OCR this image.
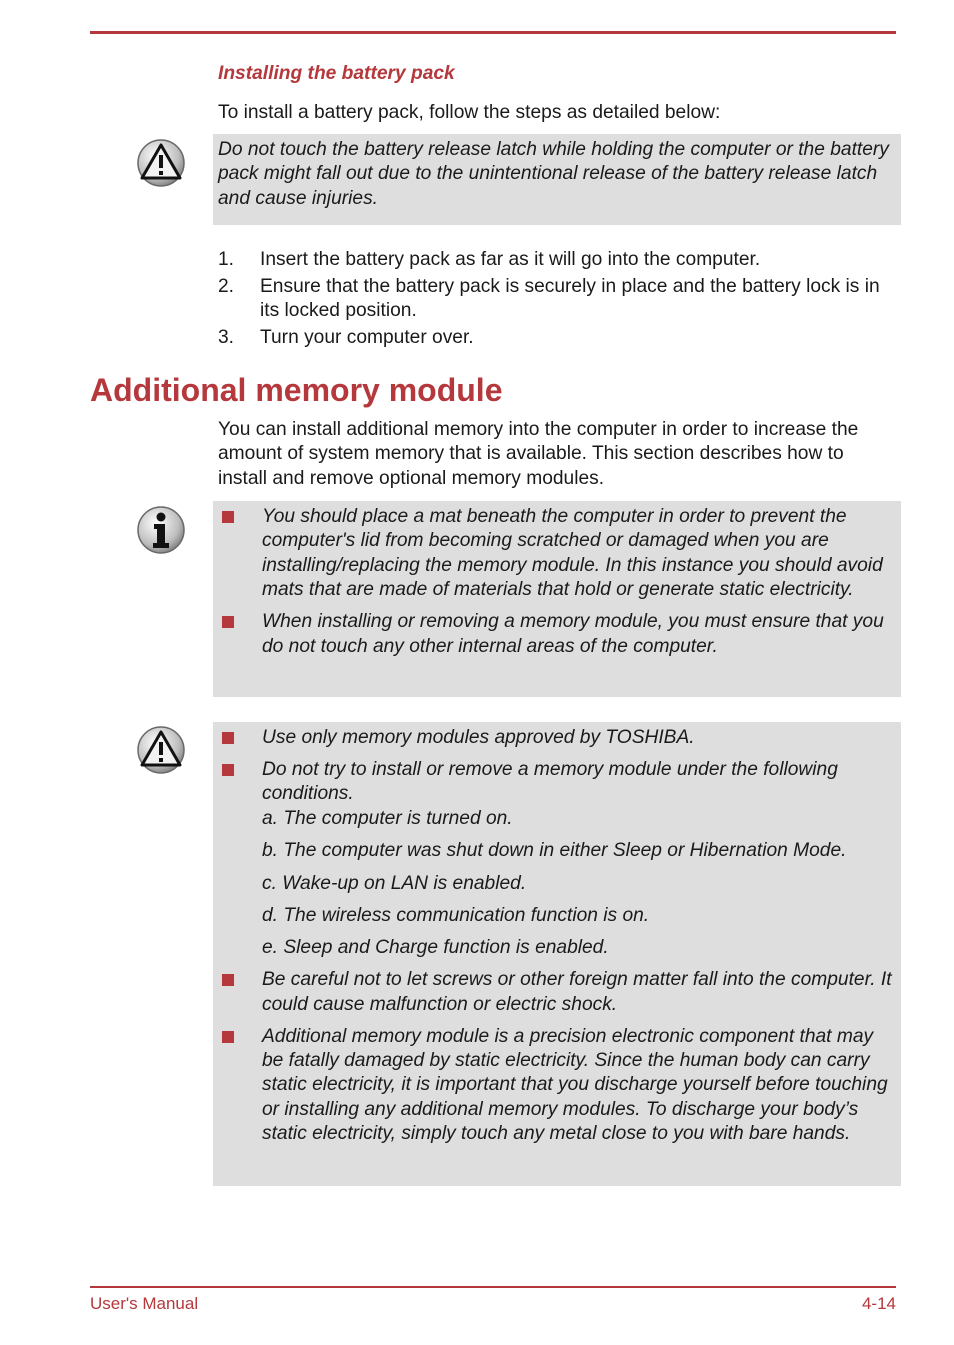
Installing the battery pack

To install a battery pack, follow the steps as detailed below:

Do not touch the battery release latch while holding the computer or the battery pack might fall out due to the unintentional release of the battery release latch and cause injuries.

1.	Insert the battery pack as far as it will go into the computer.
2.	Ensure that the battery pack is securely in place and the battery lock is in its locked position.
3.	Turn your computer over.
Additional memory module

You can install additional memory into the computer in order to increase the amount of system memory that is available. This section describes how to install and remove optional memory modules.

You should place a mat beneath the computer in order to prevent the computer's lid from becoming scratched or damaged when you are installing/replacing the memory module. In this instance you should avoid mats that are made of materials that hold or generate static electricity.
When installing or removing a memory module, you must ensure that you do not touch any other internal areas of the computer.
Use only memory modules approved by TOSHIBA.
Do not try to install or remove a memory module under the following conditions.
a. The computer is turned on.
b. The computer was shut down in either Sleep or Hibernation Mode.
c. Wake-up on LAN is enabled.
d. The wireless communication function is on.
e. Sleep and Charge function is enabled.
Be careful not to let screws or other foreign matter fall into the computer. It could cause malfunction or electric shock.
Additional memory module is a precision electronic component that may be fatally damaged by static electricity. Since the human body can carry static electricity, it is important that you discharge yourself before touching or installing any additional memory modules. To discharge your body’s static electricity, simply touch any metal close to you with bare hands.
User's Manual	4-14
